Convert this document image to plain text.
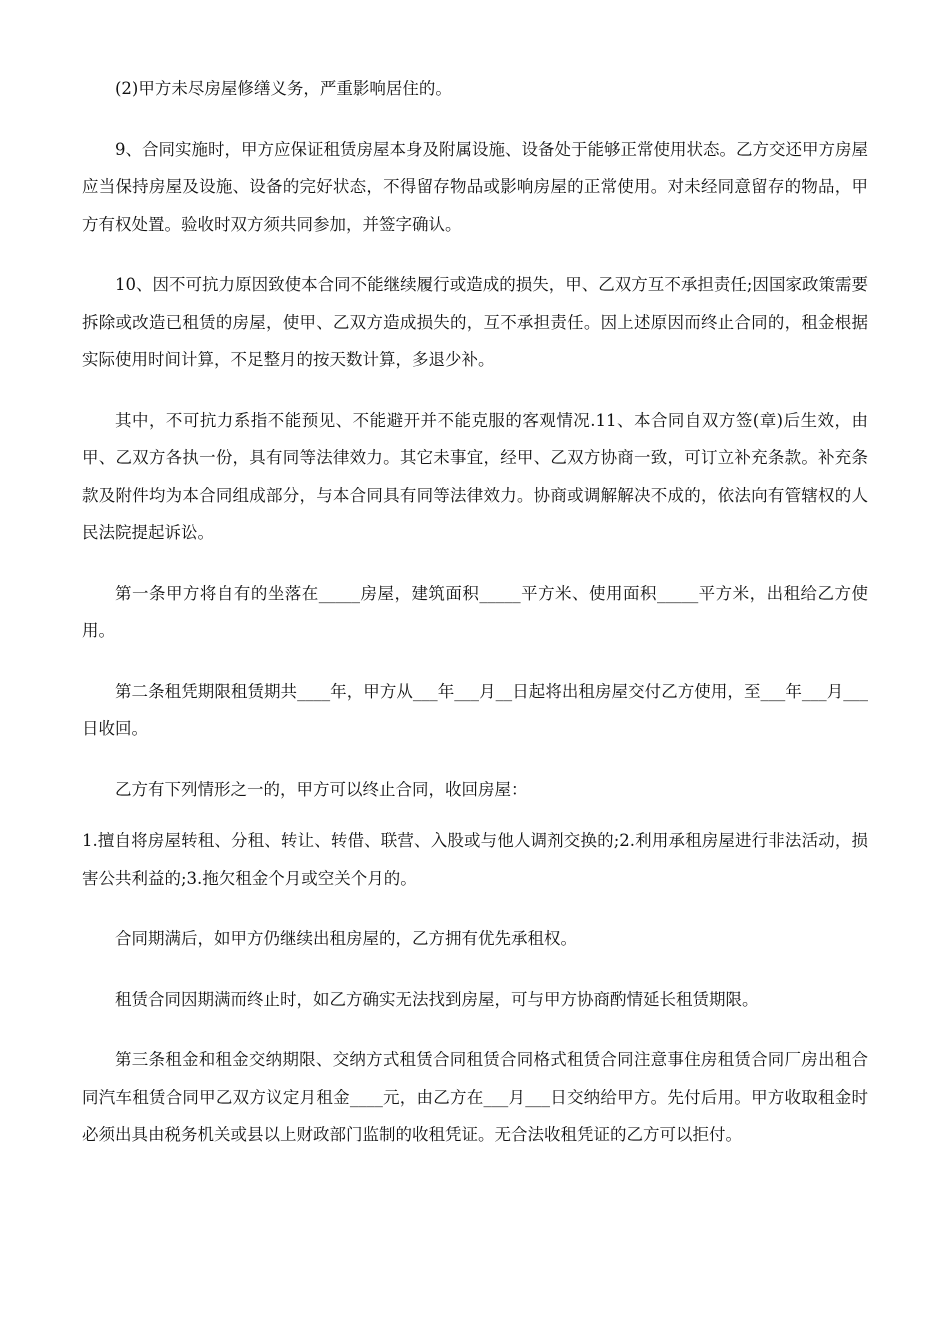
(2)甲方未尽房屋修缮义务，严重影响居住的。

9、合同实施时，甲方应保证租赁房屋本身及附属设施、设备处于能够正常使用状态。乙方交还甲方房屋应当保持房屋及设施、设备的完好状态，不得留存物品或影响房屋的正常使用。对未经同意留存的物品，甲方有权处置。验收时双方须共同参加，并签字确认。

10、因不可抗力原因致使本合同不能继续履行或造成的损失，甲、乙双方互不承担责任;因国家政策需要拆除或改造已租赁的房屋，使甲、乙双方造成损失的，互不承担责任。因上述原因而终止合同的，租金根据实际使用时间计算，不足整月的按天数计算，多退少补。

其中，不可抗力系指不能预见、不能避开并不能克服的客观情况.11、本合同自双方签(章)后生效，由甲、乙双方各执一份，具有同等法律效力。其它未事宜，经甲、乙双方协商一致，可订立补充条款。补充条款及附件均为本合同组成部分，与本合同具有同等法律效力。协商或调解解决不成的，依法向有管辖权的人民法院提起诉讼。

第一条甲方将自有的坐落在_____房屋，建筑面积_____平方米、使用面积_____平方米，出租给乙方使用。

第二条租凭期限租赁期共____年，甲方从___年___月__日起将出租房屋交付乙方使用，至___年___月___日收回。

乙方有下列情形之一的，甲方可以终止合同，收回房屋：

1.擅自将房屋转租、分租、转让、转借、联营、入股或与他人调剂交换的;2.利用承租房屋进行非法活动，损害公共利益的;3.拖欠租金个月或空关个月的。

合同期满后，如甲方仍继续出租房屋的，乙方拥有优先承租权。

租赁合同因期满而终止时，如乙方确实无法找到房屋，可与甲方协商酌情延长租赁期限。

第三条租金和租金交纳期限、交纳方式租赁合同租赁合同格式租赁合同注意事住房租赁合同厂房出租合同汽车租赁合同甲乙双方议定月租金____元，由乙方在___月___日交纳给甲方。先付后用。甲方收取租金时必须出具由税务机关或县以上财政部门监制的收租凭证。无合法收租凭证的乙方可以拒付。
